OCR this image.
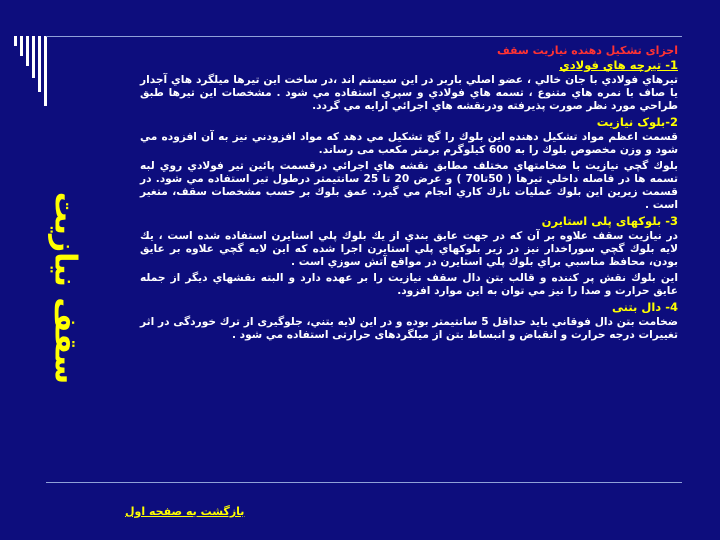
سقف نیازیت

اجزای تشکیل دهنده نیازیت سقف

1- تیرچه هاي فولادي

تیرهاي فولادي با جان خالي ، عضو اصلي باربر در این سیستم اند ،در ساخت این تیرها میلگرد هاي آجدار یا صاف با نمره هاي متنوع ، تسمه هاي فولادي و سپري استفاده مي شود . مشخصات این تیرها طبق طراحي مورد نظر صورت پذیرفته ودرنقشه هاي اجرائي ارایه مي گردد.

2-بلوک نیازیت

قسمت اعظم مواد تشکیل دهنده این بلوك را گچ تشکیل مي دهد که مواد افزودني نیز به آن افزوده مي شود و وزن مخصوص بلوك را به 600 کیلوگرم برمتر مکعب می رساند.

بلوك گچي نیازیت با ضخامتهاي مختلف مطابق نقشه هاي اجرائي درقسمت پائین تیر فولادي روي لبه تسمه ها در فاصله داخلي تیرها ( 50تا70 ) و عرض 20 تا 25 سانتیمتر درطول تیر استفاده مي شود. در قسمت زیرین این بلوك عملیات نازك کاري انجام مي گیرد. عمق بلوك بر حسب مشخصات سقف، متغیر است .

3- بلوکهای پلی استایرن

در نیازیت سقف علاوه بر آن که در جهت عایق بندي از یك بلوك پلي استایرن استفاده شده است ، یك لایه بلوك گچي سوراخدار نیز در زیر بلوکهاي پلي استایرن اجرا شده که این لایه گچي علاوه بر عایق بودن، محافظ مناسبي براي بلوك پلي استایرن در مواقع آتش سوزي است .

این بلوك نقش پر کننده و قالب بتن دال سقف نیازیت را بر عهده دارد و البته نقشهاي دیگر از جمله عایق حرارت و صدا را نیز مي توان به این موارد افزود.

4- دال بتنی

ضخامت بتن دال فوقاني باید حداقل 5 سانتیمتر بوده و در این لایه بتني، جلوگیری از ترك خوردگی در اثر تغییرات درجه حرارت و انقباض و انبساط بتن از میلگردهای حرارتی استفاده مي شود .

بازگشت به صفحه اول
